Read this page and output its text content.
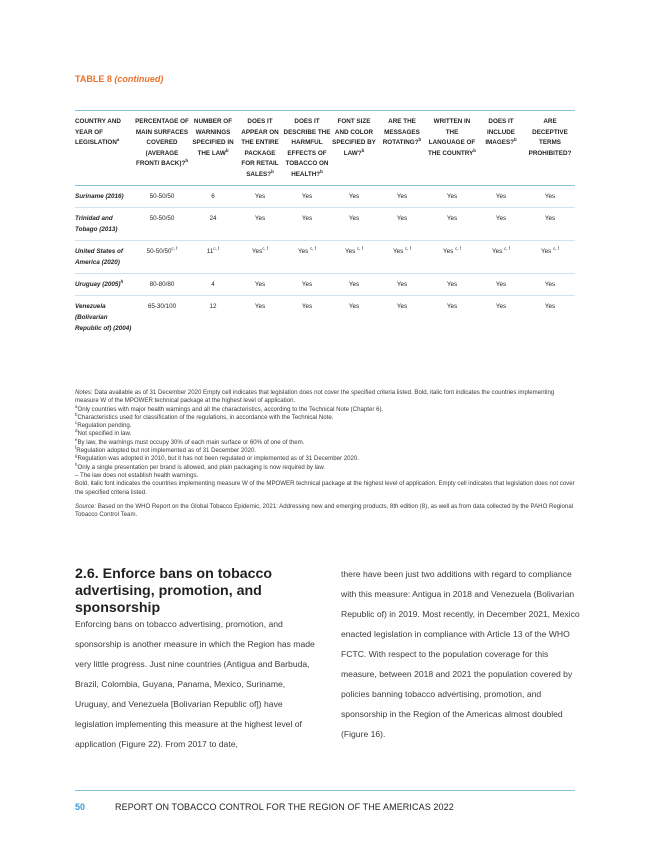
TABLE 8 (continued)
COUNTRY AND YEAR OF LEGISLATION$^a$	PERCENTAGE OF MAIN SURFACES COVERED (AVERAGE FRONT/ BACK)?$^b$	NUMBER OF WARNINGS SPECIFIED IN THE LAW$^b$	DOES IT APPEAR ON THE ENTIRE PACKAGE FOR RETAIL SALES?$^b$	DOES IT DESCRIBE THE HARMFUL EFFECTS OF TOBACCO ON HEALTH?$^b$	FONT SIZE AND COLOR SPECIFIED BY LAW?$^b$	ARE THE MESSAGES ROTATING?$^b$	WRITTEN IN THE LANGUAGE OF THE COUNTRY$^b$	DOES IT INCLUDE IMAGES?$^b$	ARE DECEPTIVE TERMS PROHIBITED?
Suriname (2016)	50-50/50	6	Yes	Yes	Yes	Yes	Yes	Yes	Yes
Trinidad and Tobago (2013)	50-50/50	24	Yes	Yes	Yes	Yes	Yes	Yes	Yes
United States of America (2020)	50-50/50$^{c, f}$	11$^{c, f}$	Yes$^{c, f}$	Yes $^{c, f}$	Yes $^{c, f}$	Yes $^{c, f}$	Yes $^{c, f}$	Yes $^{c, f}$	Yes $^{c, f}$
Uruguay $(2005)^h$	80-80/80	4	Yes	Yes	Yes	Yes	Yes	Yes	Yes
Venezuela (Bolivarian Republic of) (2004)	65-30/100	12	Yes	Yes	Yes	Yes	Yes	Yes	Yes

Notes: Data available as of 31 December 2020 Empty cell indicates that legislation does not cover the specified criteria listed. Bold, italic font indicates the countries implementing measure W of the MPOWER technical package at the highest level of application.

$^a$Only countries with major health warnings and all the characteristics, according to the Technical Note (Chapter 6).

$^b$Characteristics used for classification of the regulations, in accordance with the Technical Note.

$^c$Regulation pending.

$^d$Not specified in law.

$^e$By law, the warnings must occupy 30% of each main surface or 60% of one of them.

$^f$Regulation adopted but not implemented as of 31 December 2020.

$^g$Regulation was adopted in 2010, but it has not been regulated or implemented as of 31 December 2020.

$^h$Only a single presentation per brand is allowed, and plain packaging is now required by law.

– The law does not establish health warnings.

Bold, italic font indicates the countries implementing measure W of the MPOWER technical package at the highest level of application. Empty cell indicates that legislation does not cover the specified criteria listed.

Source: Based on the WHO Report on the Global Tobacco Epidemic, 2021: Addressing new and emerging products, 8th edition (8), as well as from data collected by the PAHO Regional Tobacco Control Team.

2.6. Enforce bans on tobacco advertising, promotion, and sponsorship
Enforcing bans on tobacco advertising, promotion, and sponsorship is another measure in which the Region has made very little progress. Just nine countries (Antigua and Barbuda, Brazil, Colombia, Guyana, Panama, Mexico, Suriname, Uruguay, and Venezuela [Bolivarian Republic of]) have legislation implementing this measure at the highest level of application (Figure 22). From 2017 to date,
there have been just two additions with regard to compliance with this measure: Antigua in 2018 and Venezuela (Bolivarian Republic of) in 2019. Most recently, in December 2021, Mexico enacted legislation in compliance with Article 13 of the WHO FCTC. With respect to the population coverage for this measure, between 2018 and 2021 the population covered by policies banning tobacco advertising, promotion, and sponsorship in the Region of the Americas almost doubled (Figure 16).
50	REPORT ON TOBACCO CONTROL FOR THE REGION OF THE AMERICAS 2022
